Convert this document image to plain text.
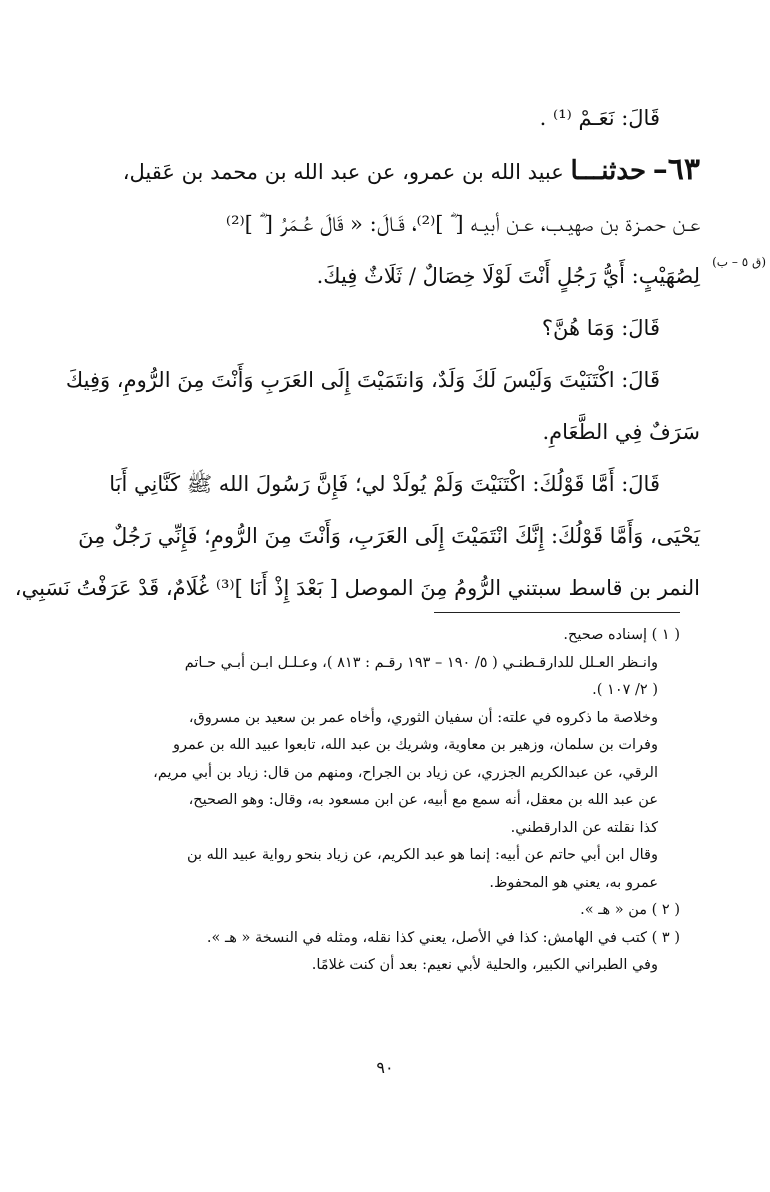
قَالَ: نَعَـمْ ⁽¹⁾ .
٦٣– حدثنـــا عبيد الله بن عمرو، عن عبد الله بن محمد بن عَقيل،
عـن حمـزة بن صهيـب، عـن أبيـه [ ؓ ]⁽²⁾، قَـالَ: « قَالَ عُـمَرُ [ ؓ ]⁽²⁾
لِصُهَيْبٍ: أَيُّ رَجُلٍ أَنْتَ لَوْلَا خِصَالٌ / ثَلَاثٌ فِيكَ.
قَالَ: وَمَا هُنَّ؟
قَالَ: اكْتَنَيْتَ وَلَيْسَ لَكَ وَلَدٌ، وَانتَمَيْتَ إِلَى العَرَبِ وَأَنْتَ مِنَ الرُّومِ، وَفِيكَ
سَرَفٌ فِي الطَّعَامِ.
قَالَ: أَمَّا قَوْلُكَ: اكْتَنَيْتَ وَلَمْ يُولَدْ لي؛ فَإِنَّ رَسُولَ الله ﷺ كَنَّانِي أَبَا
يَحْيَى، وَأَمَّا قَوْلُكَ: إِنَّكَ انْتَمَيْتَ إِلَى العَرَبِ، وَأَنْتَ مِنَ الرُّومِ؛ فَإِنِّي رَجُلٌ مِنَ
النمر بن قاسط سبتني الرُّومُ مِنَ الموصل [ بَعْدَ إِذْ أَنَا ]⁽³⁾ غُلَامٌ، قَدْ عَرَفْتُ نَسَبِي،
(ق ٥ – ب)
( ١ ) إسناده صحيح.
وانـظر العـلل للدارقـطنـي ( ٥/ ١٩٠ – ١٩٣ رقـم : ٨١٣ )، وعـلـل ابـن أبـي حـاتم
( ٢/ ١٠٧ ).
وخلاصة ما ذكروه في علته: أن سفيان الثوري، وأخاه عمر بن سعيد بن مسروق،
وفرات بن سلمان، وزهير بن معاوية، وشريك بن عبد الله، تابعوا عبيد الله بن عمرو
الرقي، عن عبدالكريم الجزري، عن زياد بن الجراح، ومنهم من قال: زياد بن أبي مريم،
عن عبد الله بن معقل، أنه سمع مع أبيه، عن ابن مسعود به، وقال: وهو الصحيح،
كذا نقلته عن الدارقطني.
وقال ابن أبي حاتم عن أبيه: إنما هو عبد الكريم، عن زياد بنحو رواية عبيد الله بن
عمرو به، يعني هو المحفوظ.
( ٢ ) من « هـ ».
( ٣ ) كتب في الهامش: كذا في الأصل، يعني كذا نقله، ومثله في النسخة « هـ ».
وفي الطبراني الكبير، والحلية لأبي نعيم: بعد أن كنت غلامًا.
٩٠
